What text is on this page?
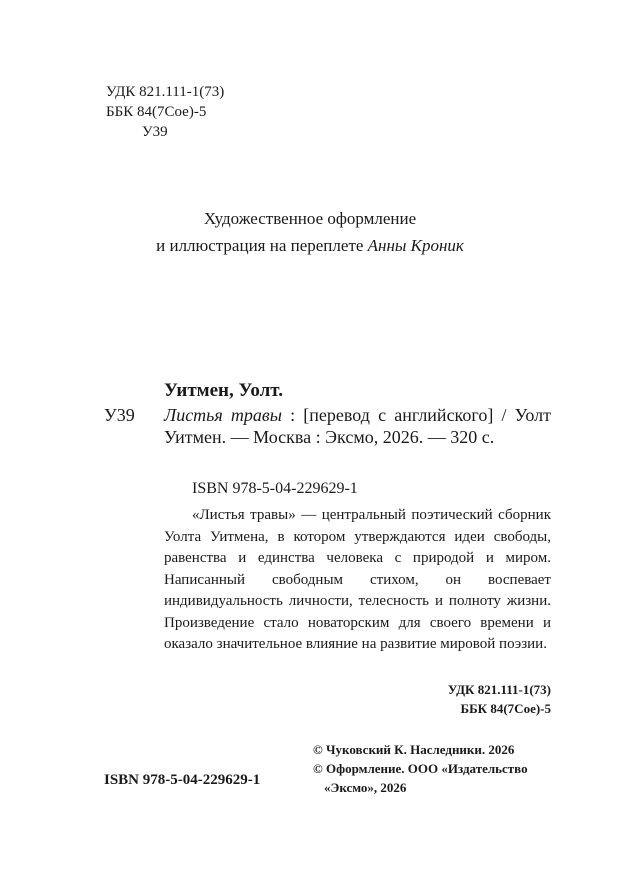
УДК 821.111-1(73)
ББК 84(7Сое)-5
У39
Художественное оформление
и иллюстрация на переплете Анны Кроник
Уитмен, Уолт.
У39 Листья травы : [перевод с английского] / Уолт Уитмен. — Москва : Эксмо, 2026. — 320 с.
ISBN 978-5-04-229629-1
«Листья травы» — центральный поэтический сборник Уолта Уитмена, в котором утверждаются идеи свободы, равенства и единства человека с природой и миром. Написанный свободным стихом, он воспевает индивидуальность личности, телесность и полноту жизни. Произведение стало новаторским для своего времени и оказало значительное влияние на развитие мировой поэзии.
УДК 821.111-1(73)
ББК 84(7Сое)-5
© Чуковский К. Наследники. 2026
© Оформление. ООО «Издательство
«Эксмо», 2026
ISBN 978-5-04-229629-1
